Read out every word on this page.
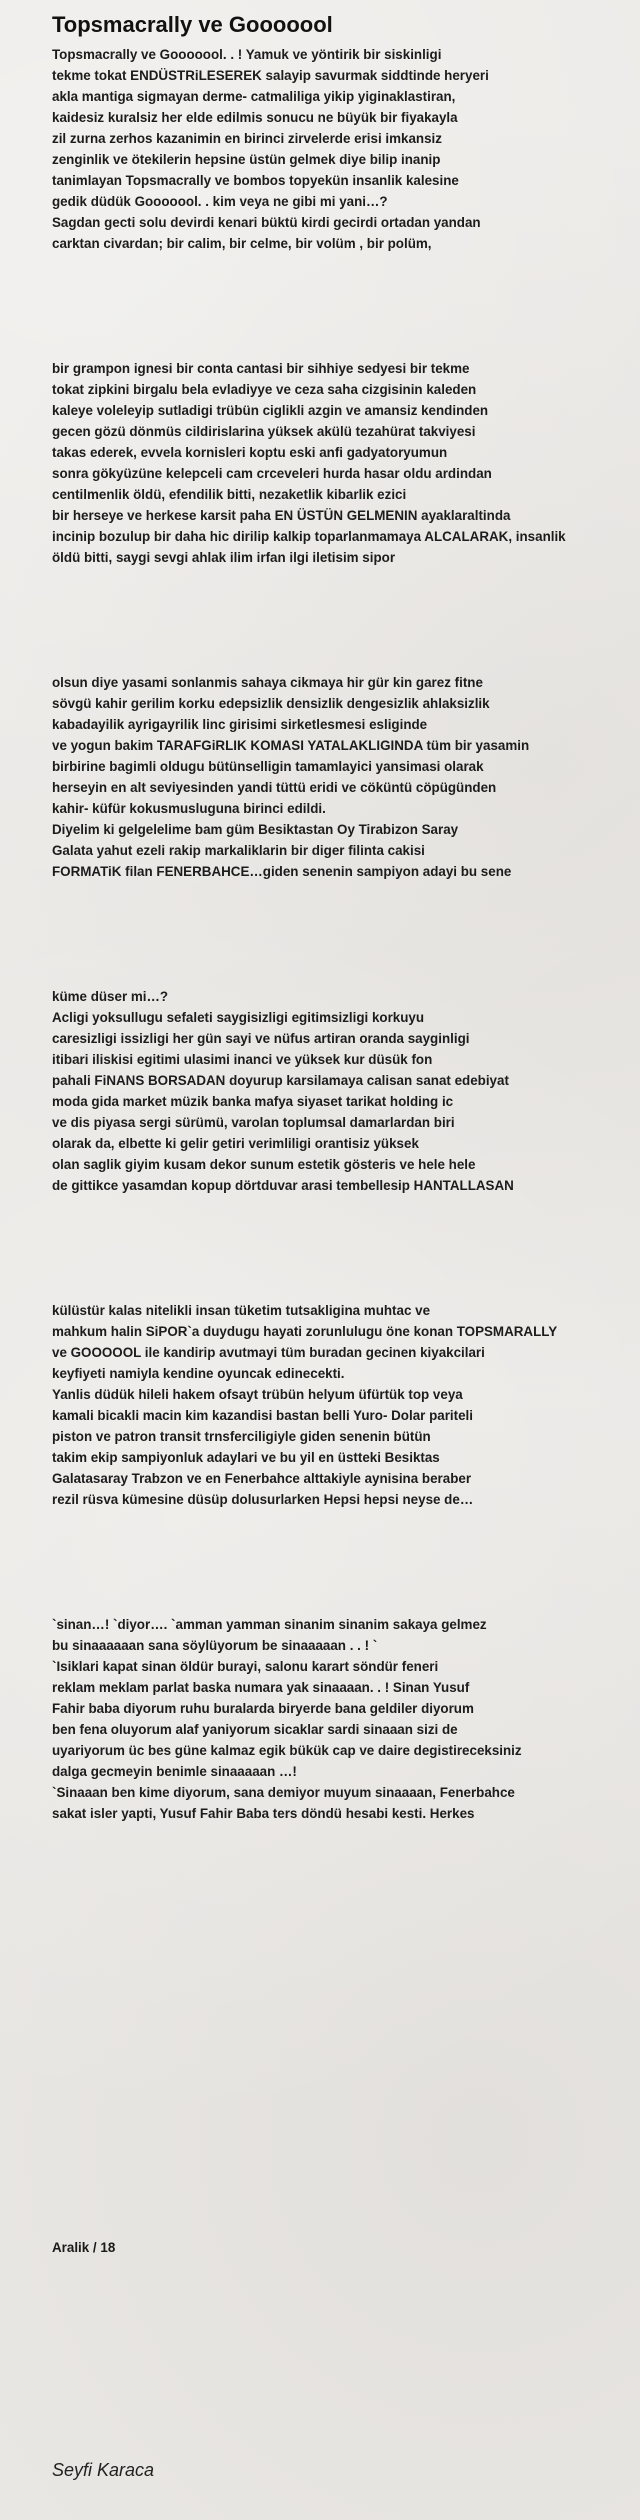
Topsmacrally ve Gooooool
Topsmacrally ve Gooooool. . ! Yamuk ve yöntirik bir siskinligi
tekme tokat ENDÜSTRiLESEREK salayip savurmak siddtinde heryeri
akla mantiga sigmayan derme- catmaliliga yikip yiginaklastiran,
kaidesiz kuralsiz her elde edilmis sonucu ne büyük bir fiyakayla
zil zurna zerhos kazanimin en birinci zirvelerde erisi imkansiz
zenginlik ve ötekilerin hepsine üstün gelmek diye bilip inanip
tanimlayan Topsmacrally ve bombos topyekün insanlik kalesine
gedik düdük Gooooool. . kim veya ne gibi mi yani…?
Sagdan gecti solu devirdi kenari büktü kirdi gecirdi ortadan yandan
carktan civardan; bir calim, bir celme, bir volüm , bir polüm,
bir grampon ignesi bir conta cantasi bir sihhiye sedyesi bir tekme
tokat zipkini birgalu bela evladiyye ve ceza saha cizgisinin kaleden
kaleye voleleyip sutladigi trübün ciglikli azgin ve amansiz kendinden
gecen gözü dönmüs cildirislarina yüksek akülü tezahürat takviyesi
takas ederek, evvela kornisleri koptu eski anfi gadyatoryumun
sonra gökyüzüne kelepceli cam crceveleri hurda hasar oldu ardindan
centilmenlik öldü, efendilik bitti, nezaketlik kibarlik ezici
bir herseye ve herkese karsit paha EN ÜSTÜN GELMENIN ayaklaraltinda
incinip bozulup bir daha hic dirilip kalkip toparlanmamaya ALCALARAK, insanlik
öldü bitti, saygi sevgi ahlak ilim irfan ilgi iletisim sipor
olsun diye yasami sonlanmis sahaya cikmaya hir gür kin garez fitne
sövgü kahir gerilim korku edepsizlik densizlik dengesizlik ahlaksizlik
kabadayilik ayrigayrilik linc girisimi sirketlesmesi esliginde
ve yogun bakim TARAFGiRLIK KOMASI YATALAKLIGINDA tüm bir yasamin
birbirine bagimli oldugu bütünselligin tamamlayici yansimasi olarak
herseyin en alt seviyesinden yandi tüttü eridi ve cöküntü cöpügünden
kahir- küfür kokusmusluguna birinci edildi.
Diyelim ki gelgelelime bam güm Besiktastan Oy Tirabizon Saray
Galata yahut ezeli rakip markaliklarin bir diger filinta cakisi
FORMATiK filan FENERBAHCE…giden senenin sampiyon adayi bu sene
küme düser mi…?
Acligi yoksullugu sefaleti saygisizligi egitimsizligi korkuyu
caresizligi issizligi her gün sayi ve nüfus artiran oranda sayginligi
itibari iliskisi egitimi ulasimi inanci ve yüksek kur düsük fon
pahali FiNANS BORSADAN doyurup karsilamaya calisan sanat edebiyat
moda gida market müzik banka mafya siyaset tarikat holding ic
ve dis piyasa sergi sürümü, varolan toplumsal damarlardan biri
olarak da, elbette ki gelir getiri verimliligi orantisiz yüksek
olan saglik giyim kusam dekor sunum estetik gösteris ve hele hele
de gittikce yasamdan kopup dörtduvar arasi tembellesip HANTALLASAN
külüstür kalas nitelikli insan tüketim tutsakligina muhtac ve
mahkum halin SiPOR`a duydugu hayati zorunlulugu öne konan TOPSMARALLY
ve GOOOOOL ile kandirip avutmayi tüm buradan gecinen kiyakcilari
keyfiyeti namiyla kendine oyuncak edinecekti.
Yanlis düdük hileli hakem ofsayt trübün helyum üfürtük top veya
kamali bicakli macin kim kazandisi bastan belli Yuro- Dolar pariteli
piston ve patron transit trnsferciligiyle giden senenin bütün
takim ekip sampiyonluk adaylari ve bu yil en üstteki Besiktas
Galatasaray Trabzon ve en Fenerbahce alttakiyle aynisina beraber
rezil rüsva kümesine düsüp dolusurlarken Hepsi hepsi neyse de…
`sinan…! `diyor…. `amman yamman sinanim sinanim sakaya gelmez
bu sinaaaaaan sana söylüyorum be sinaaaaan . . ! `
`Isiklari kapat sinan öldür burayi, salonu karart söndür feneri
reklam meklam parlat baska numara yak sinaaaan. . ! Sinan Yusuf
Fahir baba diyorum ruhu buralarda biryerde bana geldiler diyorum
ben fena oluyorum alaf yaniyorum sicaklar sardi sinaaan sizi de
uyariyorum üc bes güne kalmaz egik bükük cap ve daire degistireceksiniz
dalga gecmeyin benimle sinaaaaan …!
`Sinaaan ben kime diyorum, sana demiyor muyum sinaaaan, Fenerbahce
sakat isler yapti, Yusuf Fahir Baba ters döndü hesabi kesti. Herkes
Aralik / 18
Seyfi Karaca
